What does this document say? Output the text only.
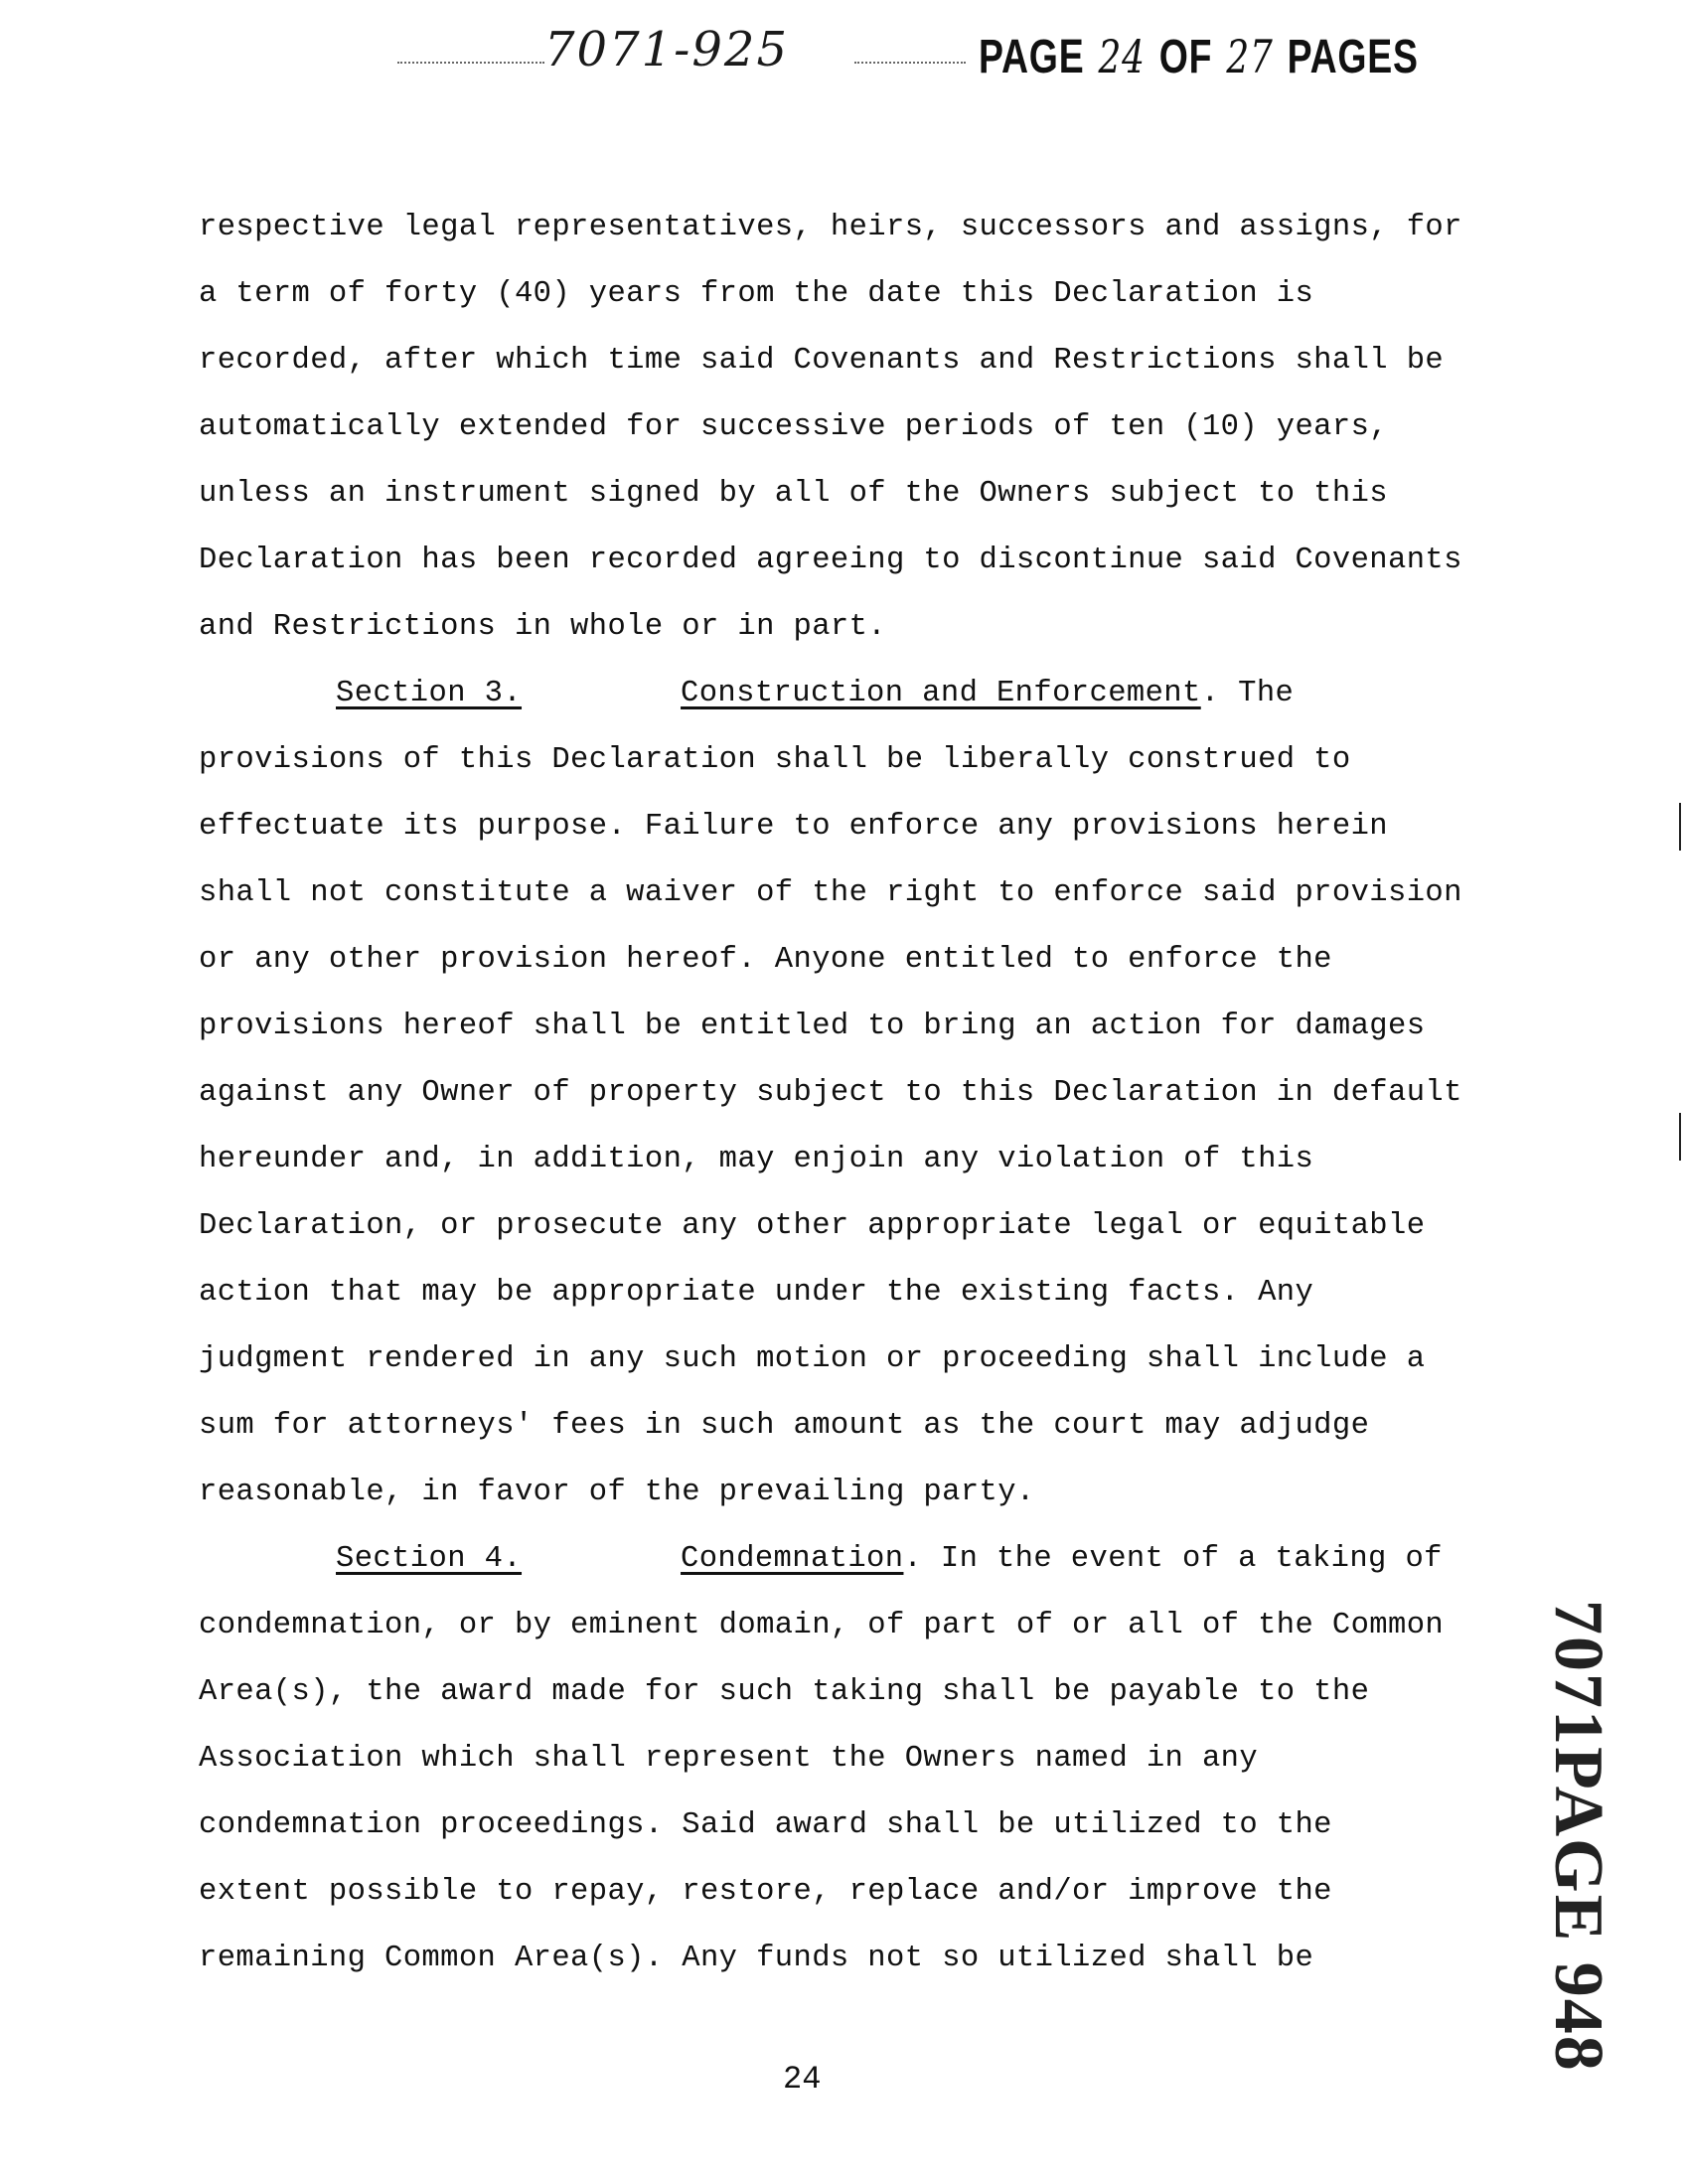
7071-925	PAGE 24 OF 27 PAGES
respective legal representatives, heirs, successors and assigns, for
a term of forty (40) years from the date this Declaration is
recorded, after which time said Covenants and Restrictions shall be
automatically extended for successive periods of ten (10) years,
unless an instrument signed by all of the Owners subject to this
Declaration has been recorded agreeing to discontinue said Covenants
and Restrictions in whole or in part.
Section 3.	Construction and Enforcement. The
provisions of this Declaration shall be liberally construed to
effectuate its purpose. Failure to enforce any provisions herein
shall not constitute a waiver of the right to enforce said provision
or any other provision hereof. Anyone entitled to enforce the
provisions hereof shall be entitled to bring an action for damages
against any Owner of property subject to this Declaration in default
hereunder and, in addition, may enjoin any violation of this
Declaration, or prosecute any other appropriate legal or equitable
action that may be appropriate under the existing facts. Any
judgment rendered in any such motion or proceeding shall include a
sum for attorneys' fees in such amount as the court may adjudge
reasonable, in favor of the prevailing party.
Section 4.	Condemnation. In the event of a taking of
condemnation, or by eminent domain, of part of or all of the Common
Area(s), the award made for such taking shall be payable to the
Association which shall represent the Owners named in any
condemnation proceedings. Said award shall be utilized to the
extent possible to repay, restore, replace and/or improve the
remaining Common Area(s). Any funds not so utilized shall be	7071PAGE 948
24
